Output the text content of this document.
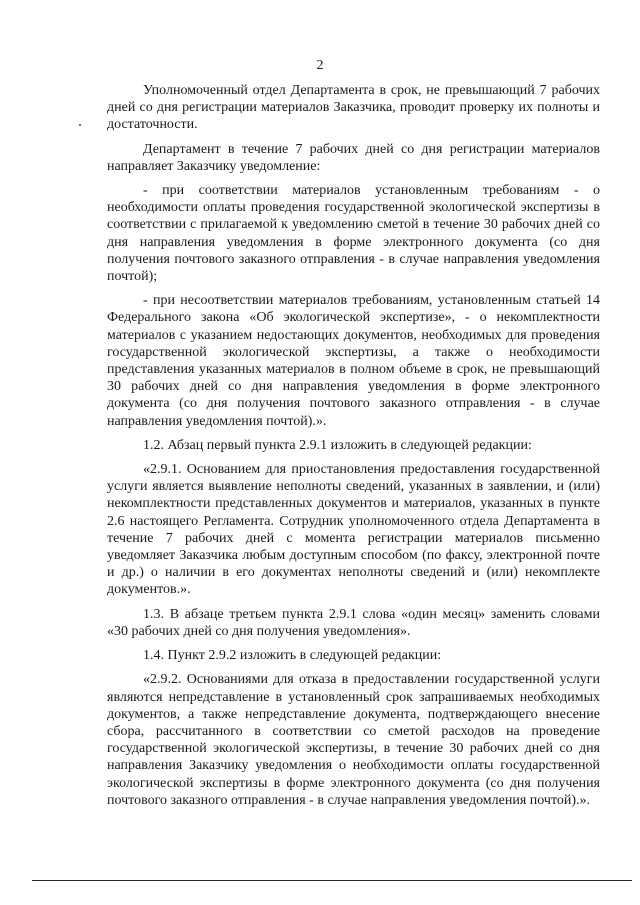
2

Уполномоченный отдел Департамента в срок, не превышающий 7 рабочих дней со дня регистрации материалов Заказчика, проводит проверку их полноты и достаточности.

Департамент в течение 7 рабочих дней со дня регистрации материалов направляет Заказчику уведомление:

- при соответствии материалов установленным требованиям - о необходимости оплаты проведения государственной экологической экспертизы в соответствии с прилагаемой к уведомлению сметой в течение 30 рабочих дней со дня направления уведомления в форме электронного документа (со дня получения почтового заказного отправления - в случае направления уведомления почтой);

- при несоответствии материалов требованиям, установленным статьей 14 Федерального закона «Об экологической экспертизе», - о некомплектности материалов с указанием недостающих документов, необходимых для проведения государственной экологической экспертизы, а также о необходимости представления указанных материалов в полном объеме в срок, не превышающий 30 рабочих дней со дня направления уведомления в форме электронного документа (со дня получения почтового заказного отправления - в случае направления уведомления почтой).».

1.2. Абзац первый пункта 2.9.1 изложить в следующей редакции:

«2.9.1. Основанием для приостановления предоставления государственной услуги является выявление неполноты сведений, указанных в заявлении, и (или) некомплектности представленных документов и материалов, указанных в пункте 2.6 настоящего Регламента. Сотрудник уполномоченного отдела Департамента в течение 7 рабочих дней с момента регистрации материалов письменно уведомляет Заказчика любым доступным способом (по факсу, электронной почте и др.) о наличии в его документах неполноты сведений и (или) некомплекте документов.».

1.3. В абзаце третьем пункта 2.9.1 слова «один месяц» заменить словами «30 рабочих дней со дня получения уведомления».

1.4. Пункт 2.9.2 изложить в следующей редакции:

«2.9.2. Основаниями для отказа в предоставлении государственной услуги являются непредставление в установленный срок запрашиваемых необходимых документов, а также непредставление документа, подтверждающего внесение сбора, рассчитанного в соответствии со сметой расходов на проведение государственной экологической экспертизы, в течение 30 рабочих дней со дня направления Заказчику уведомления о необходимости оплаты государственной экологической экспертизы в форме электронного документа (со дня получения почтового заказного отправления - в случае направления уведомления почтой).».
